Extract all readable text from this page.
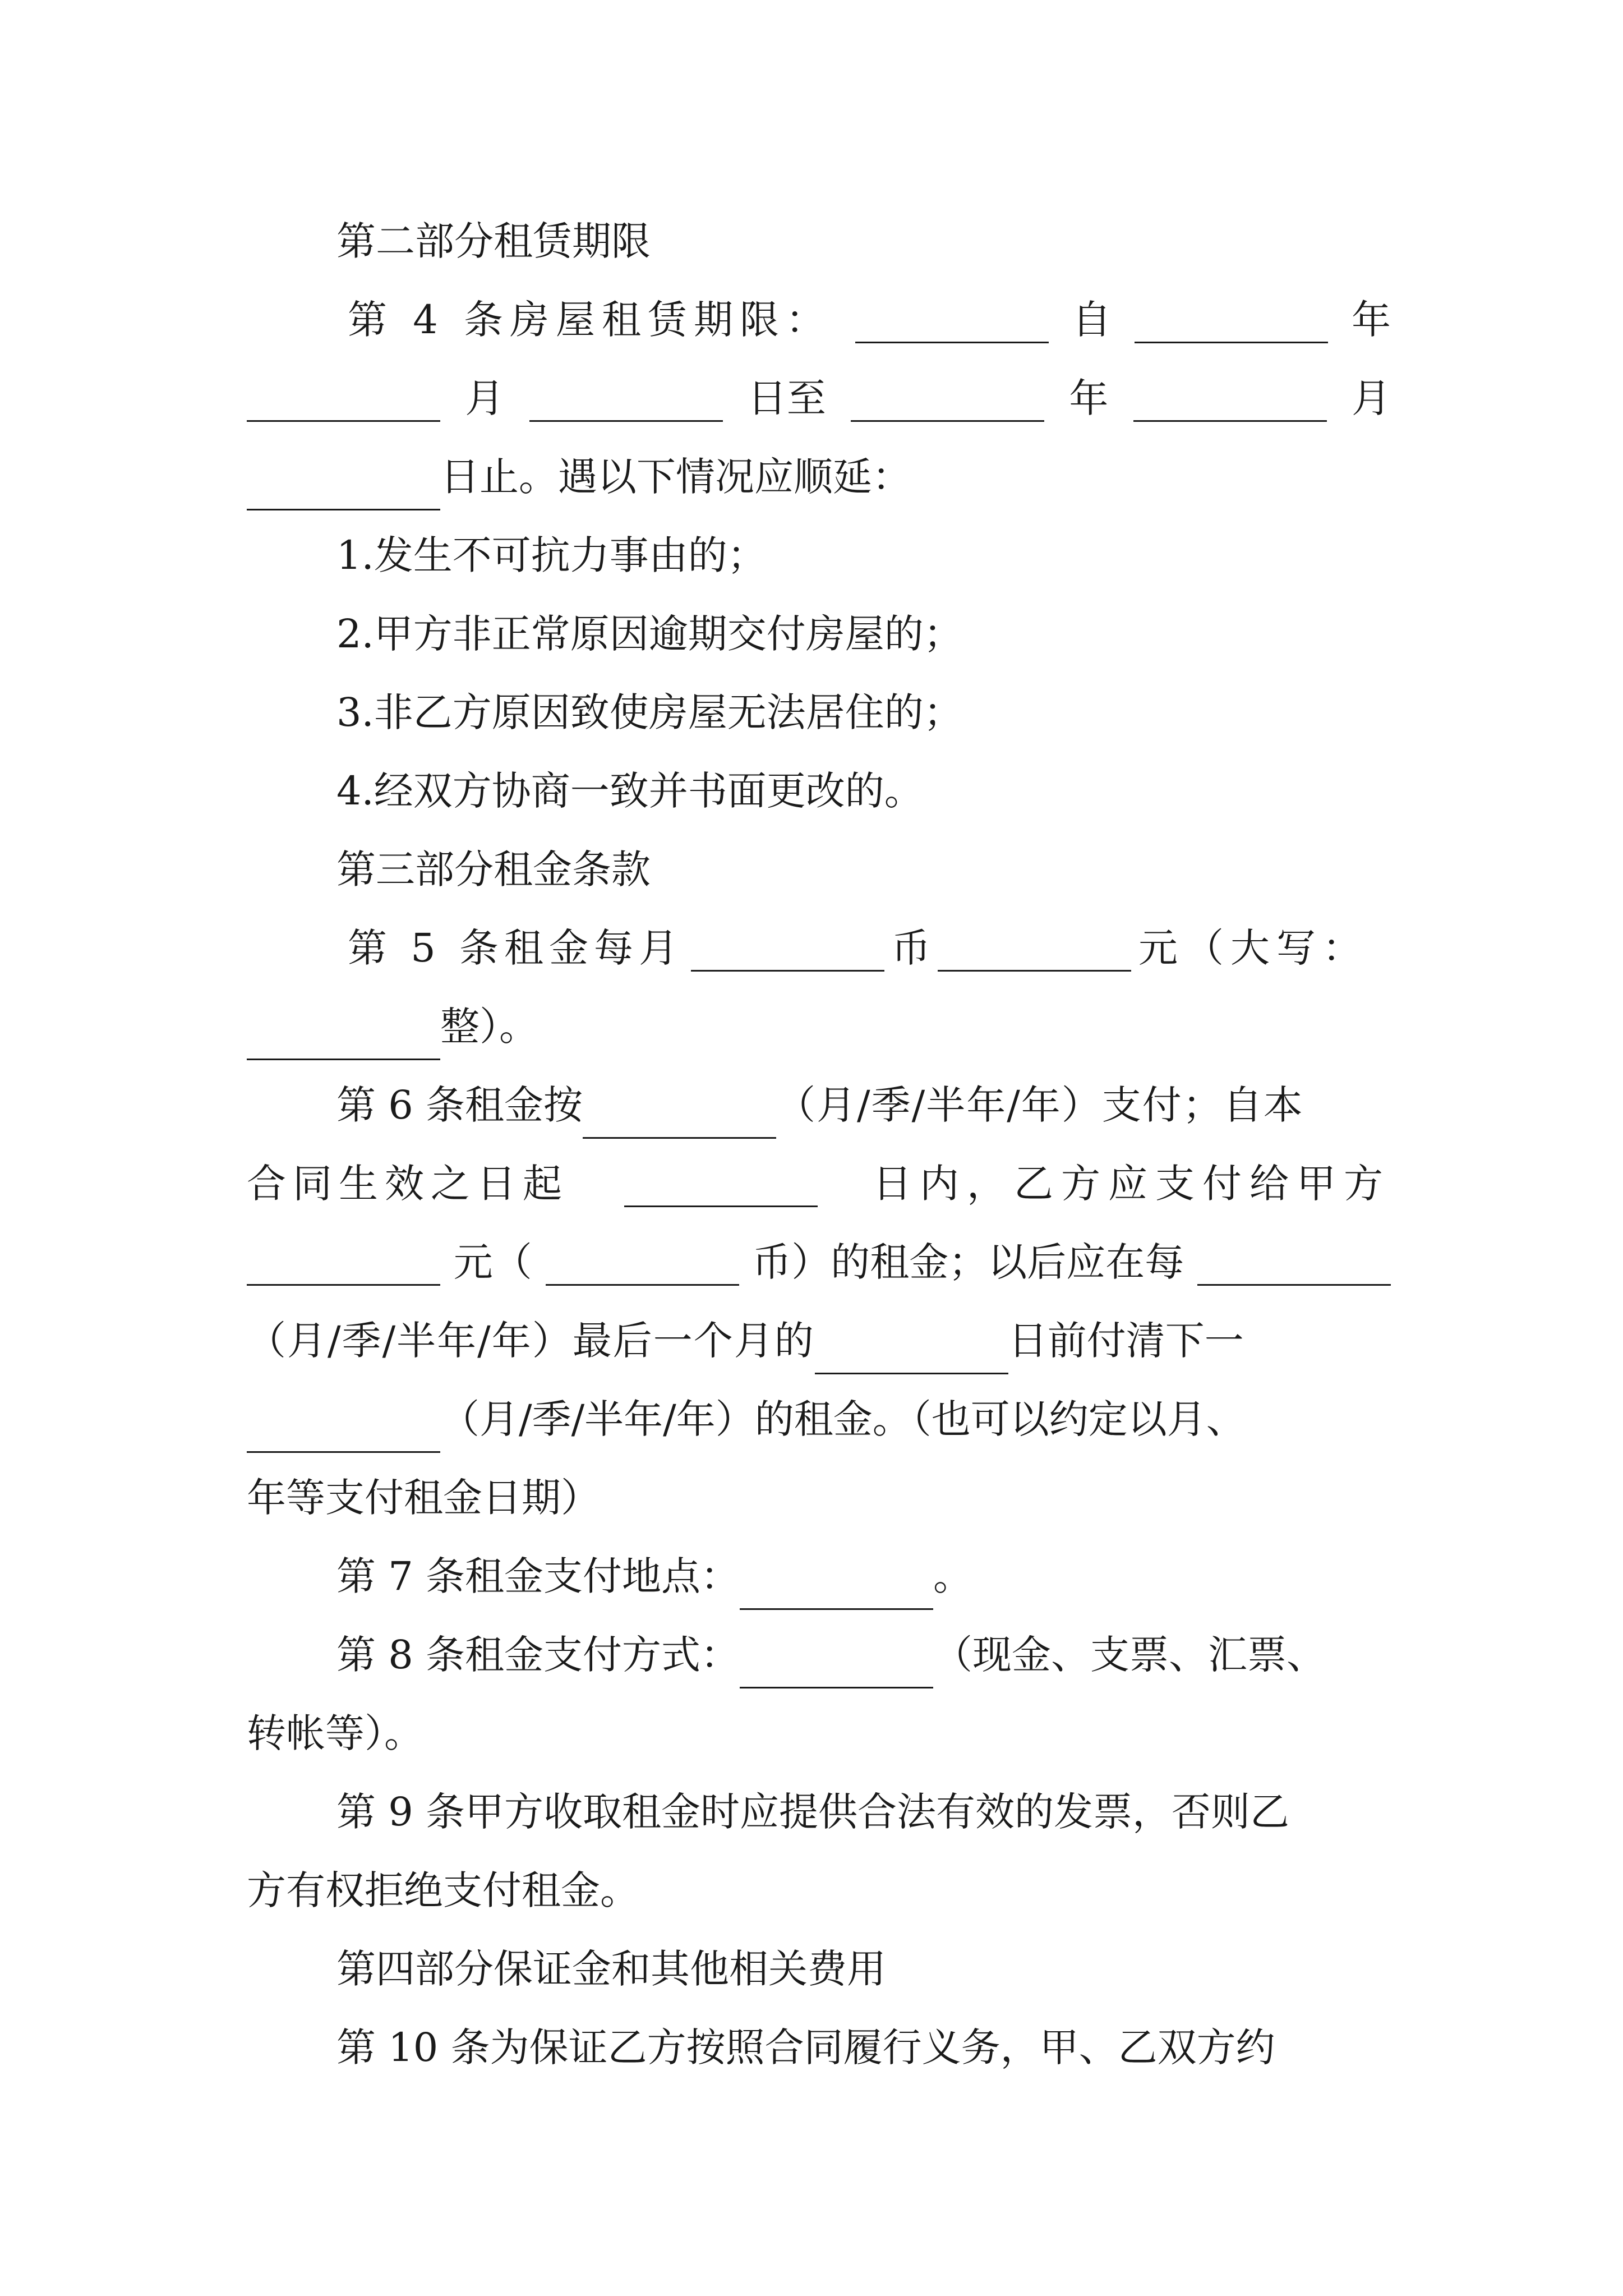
第二部分租赁期限
第 4 条房屋租赁期限：	自	年
月	日至	年	月
日止。遇以下情况应顺延：
1.发生不可抗力事由的；
2.甲方非正常原因逾期交付房屋的；
3.非乙方原因致使房屋无法居住的；
4.经双方协商一致并书面更改的。
第三部分租金条款
第 5 条租金每月	币	元（大写：
整）。
第 6 条租金按	（月/季/半年/年）支付；自本
合同生效之日起	日内，乙方应支付给甲方
元（	币）的租金；以后应在每
（月/季/半年/年）最后一个月的	日前付清下一
（月/季/半年/年）的租金。（也可以约定以月、
年等支付租金日期）
第 7 条租金支付地点：	。
第 8 条租金支付方式：	（现金、支票、汇票、
转帐等）。
第 9 条甲方收取租金时应提供合法有效的发票，否则乙
方有权拒绝支付租金。
第四部分保证金和其他相关费用
第 10 条为保证乙方按照合同履行义务，甲、乙双方约
